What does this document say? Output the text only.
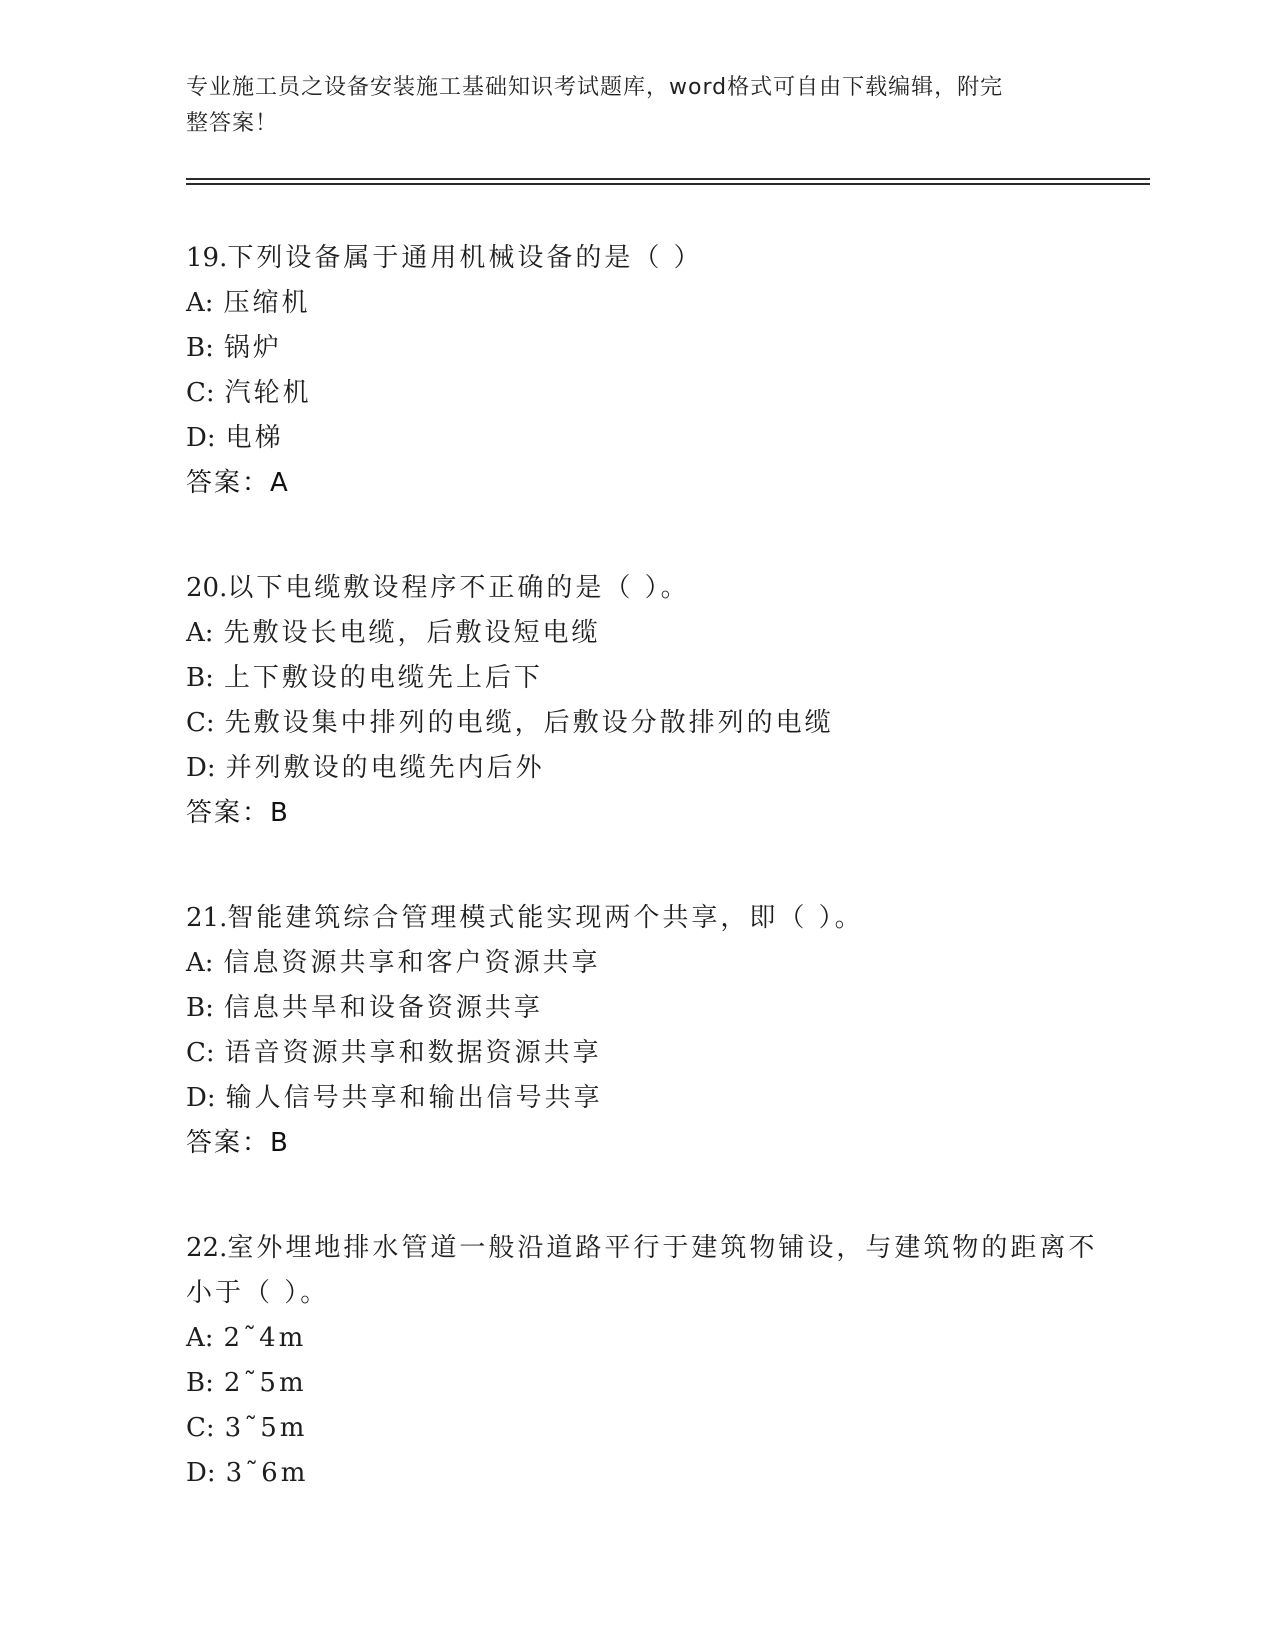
专业施工员之设备安装施工基础知识考试题库，word格式可自由下载编辑，附完
整答案！
19.下列设备属于通用机械设备的是（ ）
A: 压缩机
B: 锅炉
C: 汽轮机
D: 电梯
答案：A
20.以下电缆敷设程序不正确的是（ ）。
A: 先敷设长电缆，后敷设短电缆
B: 上下敷设的电缆先上后下
C: 先敷设集中排列的电缆，后敷设分散排列的电缆
D: 并列敷设的电缆先内后外
答案：B
21.智能建筑综合管理模式能实现两个共享，即（ ）。
A: 信息资源共享和客户资源共享
B: 信息共旱和设备资源共享
C: 语音资源共享和数据资源共享
D: 输人信号共享和输出信号共享
答案：B
22.室外埋地排水管道一般沿道路平行于建筑物铺设，与建筑物的距离不小于（ ）。
A: 2˜4m
B: 2˜5m
C: 3˜5m
D: 3˜6m
